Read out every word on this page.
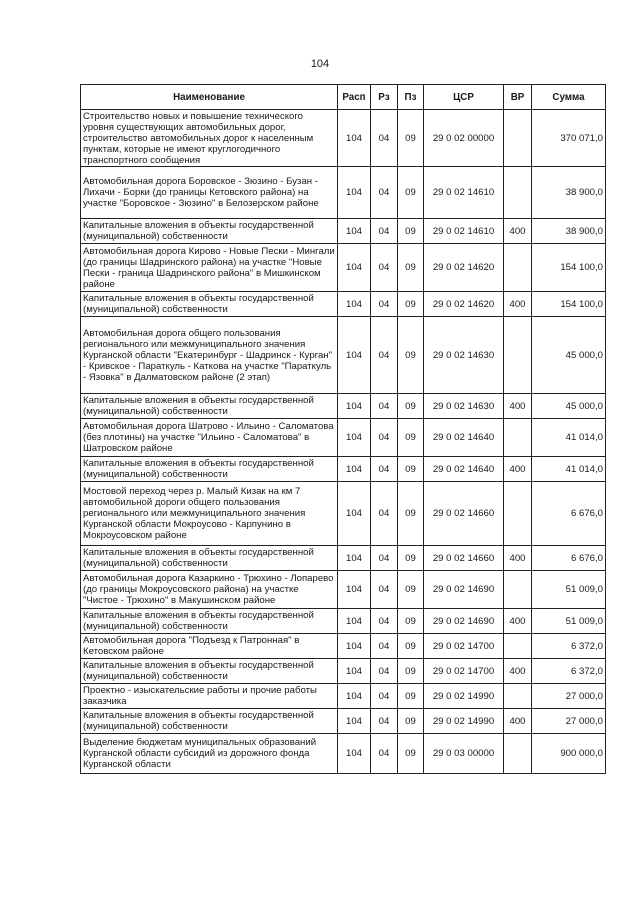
104
Наименование	Расп	Рз	Пз	ЦСР	ВР	Сумма
Строительство новых и повышение технического уровня существующих автомобильных дорог, строительство автомобильных дорог к населенным пунктам, которые не имеют круглогодичного транспортного сообщения	104	04	09	29 0 02 00000		370 071,0
Автомобильная дорога Боровское - Зюзино - Бузан - Лихачи - Борки (до границы Кетовского района) на участке "Боровское - Зюзино" в Белозерском районе	104	04	09	29 0 02 14610		38 900,0
Капитальные вложения в объекты государственной (муниципальной) собственности	104	04	09	29 0 02 14610	400	38 900,0
Автомобильная дорога Кирово - Новые Пески - Мингали (до границы Шадринского района) на участке "Новые Пески - граница Шадринского района" в Мишкинском районе	104	04	09	29 0 02 14620		154 100,0
Капитальные вложения в объекты государственной (муниципальной) собственности	104	04	09	29 0 02 14620	400	154 100,0
Автомобильная дорога общего пользования регионального или межмуниципального значения Курганской области "Екатеринбург - Шадринск - Курган" - Кривское - Параткуль - Каткова на участке "Параткуль - Язовка" в Далматовском районе (2 этап)	104	04	09	29 0 02 14630		45 000,0
Капитальные вложения в объекты государственной (муниципальной) собственности	104	04	09	29 0 02 14630	400	45 000,0
Автомобильная дорога Шатрово - Ильино - Саломатова (без плотины) на участке "Ильино - Саломатова" в Шатровском районе	104	04	09	29 0 02 14640		41 014,0
Капитальные вложения в объекты государственной (муниципальной) собственности	104	04	09	29 0 02 14640	400	41 014,0
Мостовой переход через р. Малый Кизак на км 7 автомобильной дороги общего пользования регионального или межмуниципального значения Курганской области Мокроусово - Карпунино в Мокроусовском районе	104	04	09	29 0 02 14660		6 676,0
Капитальные вложения в объекты государственной (муниципальной) собственности	104	04	09	29 0 02 14660	400	6 676,0
Автомобильная дорога Казаркино - Трюхино - Лопарево (до границы Мокроусовского района) на участке "Чистое - Трюхино" в Макушинском районе	104	04	09	29 0 02 14690		51 009,0
Капитальные вложения в объекты государственной (муниципальной) собственности	104	04	09	29 0 02 14690	400	51 009,0
Автомобильная дорога "Подъезд к Патронная" в Кетовском районе	104	04	09	29 0 02 14700		6 372,0
Капитальные вложения в объекты государственной (муниципальной) собственности	104	04	09	29 0 02 14700	400	6 372,0
Проектно - изыскательские работы и прочие работы заказчика	104	04	09	29 0 02 14990		27 000,0
Капитальные вложения в объекты государственной (муниципальной) собственности	104	04	09	29 0 02 14990	400	27 000,0
Выделение бюджетам муниципальных образований Курганской области субсидий из дорожного фонда Курганской области	104	04	09	29 0 03 00000		900 000,0
